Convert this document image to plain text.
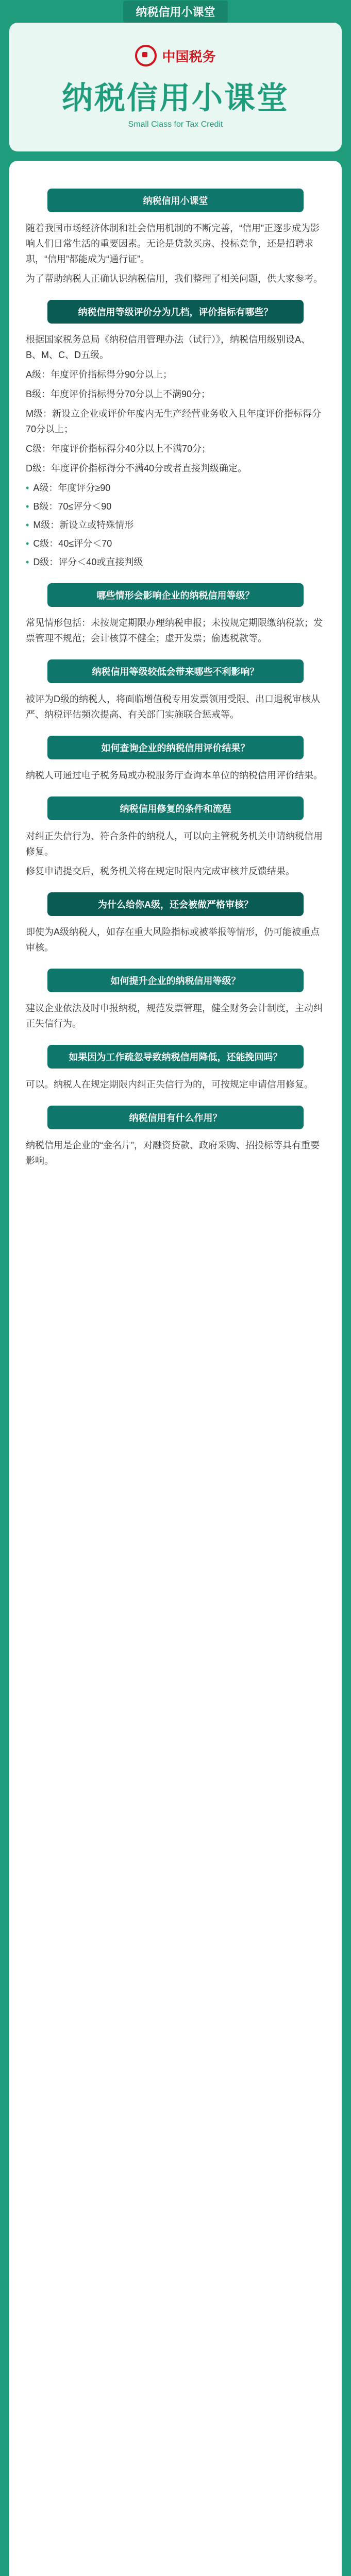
纳税信用小课堂
中国税务
纳税信用小课堂
Small Class for Tax Credit
纳税信用小课堂
随着我国市场经济体制和社会信用机制的不断完善，“信用”正逐步成为影响人们日常生活的重要因素。无论是贷款买房、投标竞争，还是招聘求职，“信用”都能成为“通行证”。
为了帮助纳税人正确认识纳税信用，我们整理了相关问题，供大家参考。
纳税信用等级评价分为几档，评价指标有哪些？
根据国家税务总局《纳税信用管理办法（试行）》，纳税信用级别设A、B、M、C、D五级。
A级：年度评价指标得分90分以上；
B级：年度评价指标得分70分以上不满90分；
M级：新设立企业或评价年度内无生产经营业务收入且年度评价指标得分70分以上；
C级：年度评价指标得分40分以上不满70分；
D级：年度评价指标得分不满40分或者直接判级确定。
• A级：年度评分≥90
• B级：70≤评分＜90
• M级：新设立或特殊情形
• C级：40≤评分＜70
• D级：评分＜40或直接判级
哪些情形会影响企业的纳税信用等级？
常见情形包括：未按规定期限办理纳税申报；未按规定期限缴纳税款；发票管理不规范；会计核算不健全；虚开发票；偷逃税款等。
纳税信用等级较低会带来哪些不利影响？
被评为D级的纳税人，将面临增值税专用发票领用受限、出口退税审核从严、纳税评估频次提高、有关部门实施联合惩戒等。
如何查询企业的纳税信用评价结果？
纳税人可通过电子税务局或办税服务厅查询本单位的纳税信用评价结果。
纳税信用修复的条件和流程
对纠正失信行为、符合条件的纳税人，可以向主管税务机关申请纳税信用修复。
修复申请提交后，税务机关将在规定时限内完成审核并反馈结果。
为什么给你A级，还会被做严格审核？
即使为A级纳税人，如存在重大风险指标或被举报等情形，仍可能被重点审核。
如何提升企业的纳税信用等级？
建议企业依法及时申报纳税，规范发票管理，健全财务会计制度，主动纠正失信行为。
如果因为工作疏忽导致纳税信用降低，还能挽回吗？
可以。纳税人在规定期限内纠正失信行为的，可按规定申请信用修复。
纳税信用有什么作用？
纳税信用是企业的“金名片”，对融资贷款、政府采购、招投标等具有重要影响。
